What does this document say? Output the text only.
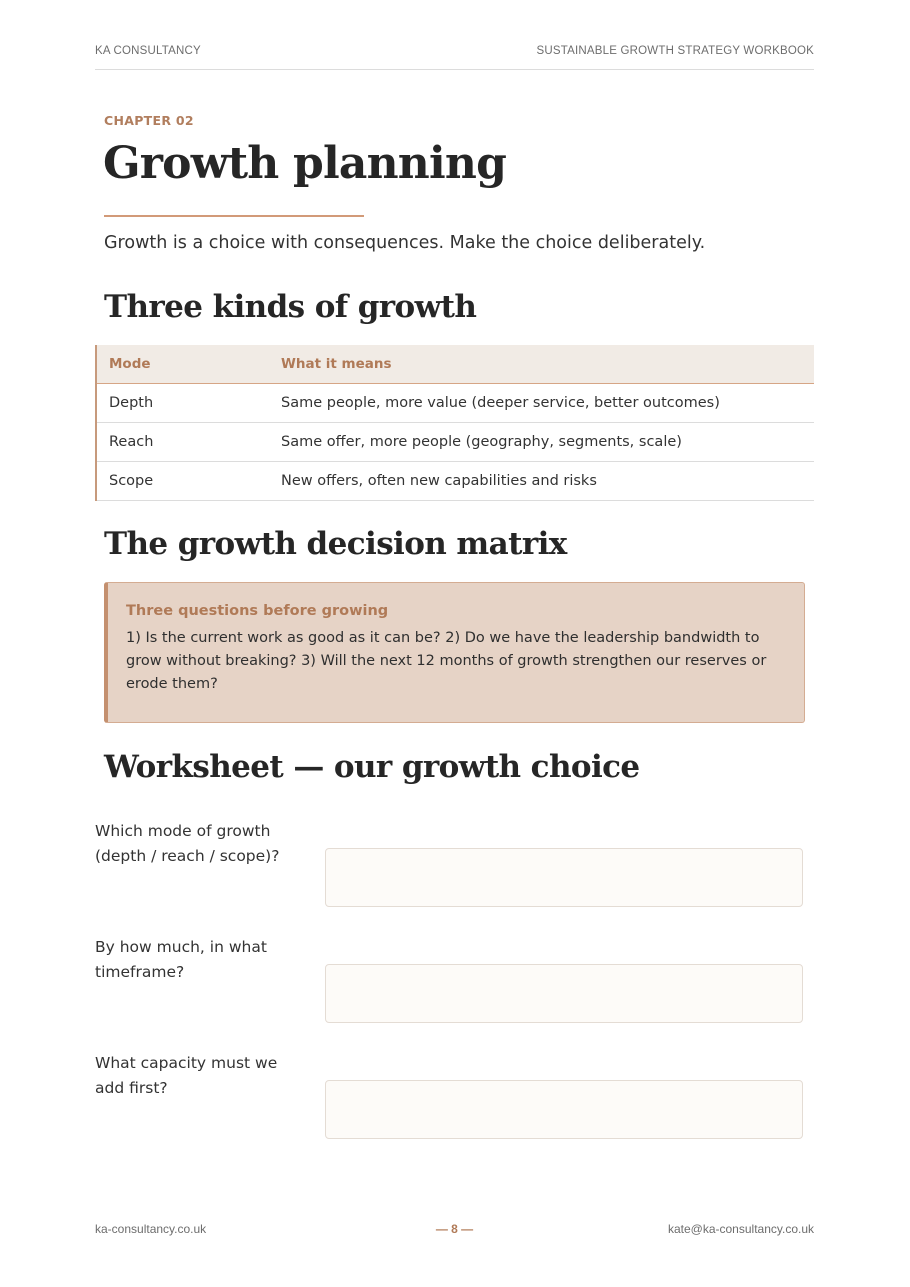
KA CONSULTANCY	SUSTAINABLE GROWTH STRATEGY WORKBOOK
CHAPTER 02
Growth planning

Growth is a choice with consequences. Make the choice deliberately.

Three kinds of growth
Mode	What it means
Depth	Same people, more value (deeper service, better outcomes)
Reach	Same offer, more people (geography, segments, scale)
Scope	New offers, often new capabilities and risks
The growth decision matrix
Three questions before growing
1) Is the current work as good as it can be? 2) Do we have the leadership bandwidth to grow without breaking? 3) Will the next 12 months of growth strengthen our reserves or erode them?
Worksheet — our growth choice
Which mode of growth (depth / reach / scope)?
By how much, in what timeframe?
What capacity must we add first?
ka-consultancy.co.uk	— 8 —	kate@ka-consultancy.co.uk
